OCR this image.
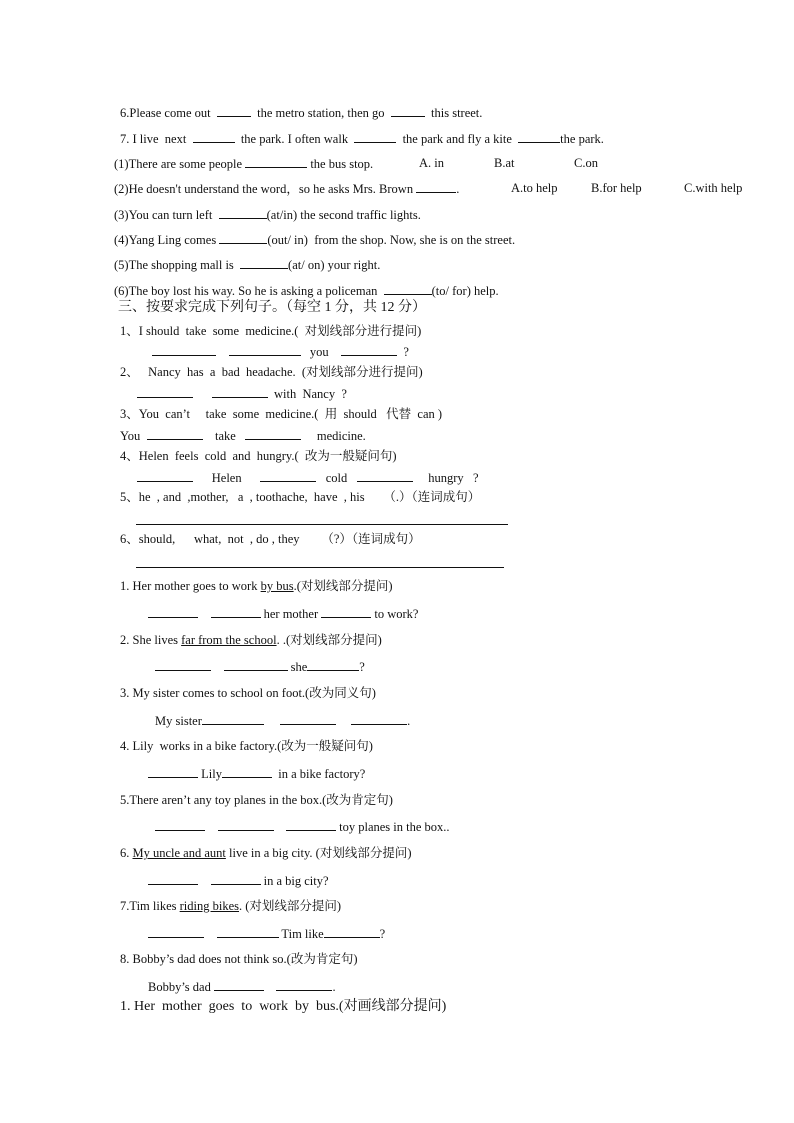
6.Please come out	the metro station, then go	this street.
7. I live  next	the park. I often walk	the park and fly a kite	the park.
(1)There are some people	the bus stop.	A. in	B.at	C.on
(2)He doesn't understand the word，so he asks Mrs. Brown	.	A.to help	B.for help	C.with help
(3)You can turn left	(at/in) the second traffic lights.
(4)Yang Ling comes	(out/ in)  from the shop. Now, she is on the street.
(5)The shopping mall is	(at/ on) your right.
(6)The boy lost his way. So he is asking a policeman	(to/ for) help.
三、按要求完成下列句子。（每空 1 分，共 12 分）
1、I should  take  some  medicine.(  对划线部分进行提问)
you	?
2、   Nancy  has  a  bad  headache.  (对划线部分进行提问)
with  Nancy  ?
3、You  can’t     take  some  medicine.(  用  should   代替  can )
You	take	medicine.
4、Helen  feels  cold  and  hungry.(  改为一般疑问句)
Helen	cold	hungry   ?
5、he  , and  ,mother,   a  , toothache,  have  , his      （.）（连词成句）
6、should,      what,  not  , do , they       （?）（连词成句）
1. Her mother goes to work by bus.(对划线部分提问)
her mother	to work?
2. She lives far from the school. .(对划线部分提问)
she	?
3. My sister comes to school on foot.(改为同义句)
My sister	.
4. Lily  works in a bike factory.(改为一般疑问句)
Lily	in a bike factory?
5.There aren’t any toy planes in the box.(改为肯定句)
toy planes in the box..
6. My uncle and aunt live in a big city. (对划线部分提问)
in a big city?
7.Tim likes riding bikes. (对划线部分提问)
Tim like	?
8. Bobby’s dad does not think so.(改为肯定句)
Bobby’s dad	.
1. Her  mother  goes  to  work  by  bus.(对画线部分提问)
